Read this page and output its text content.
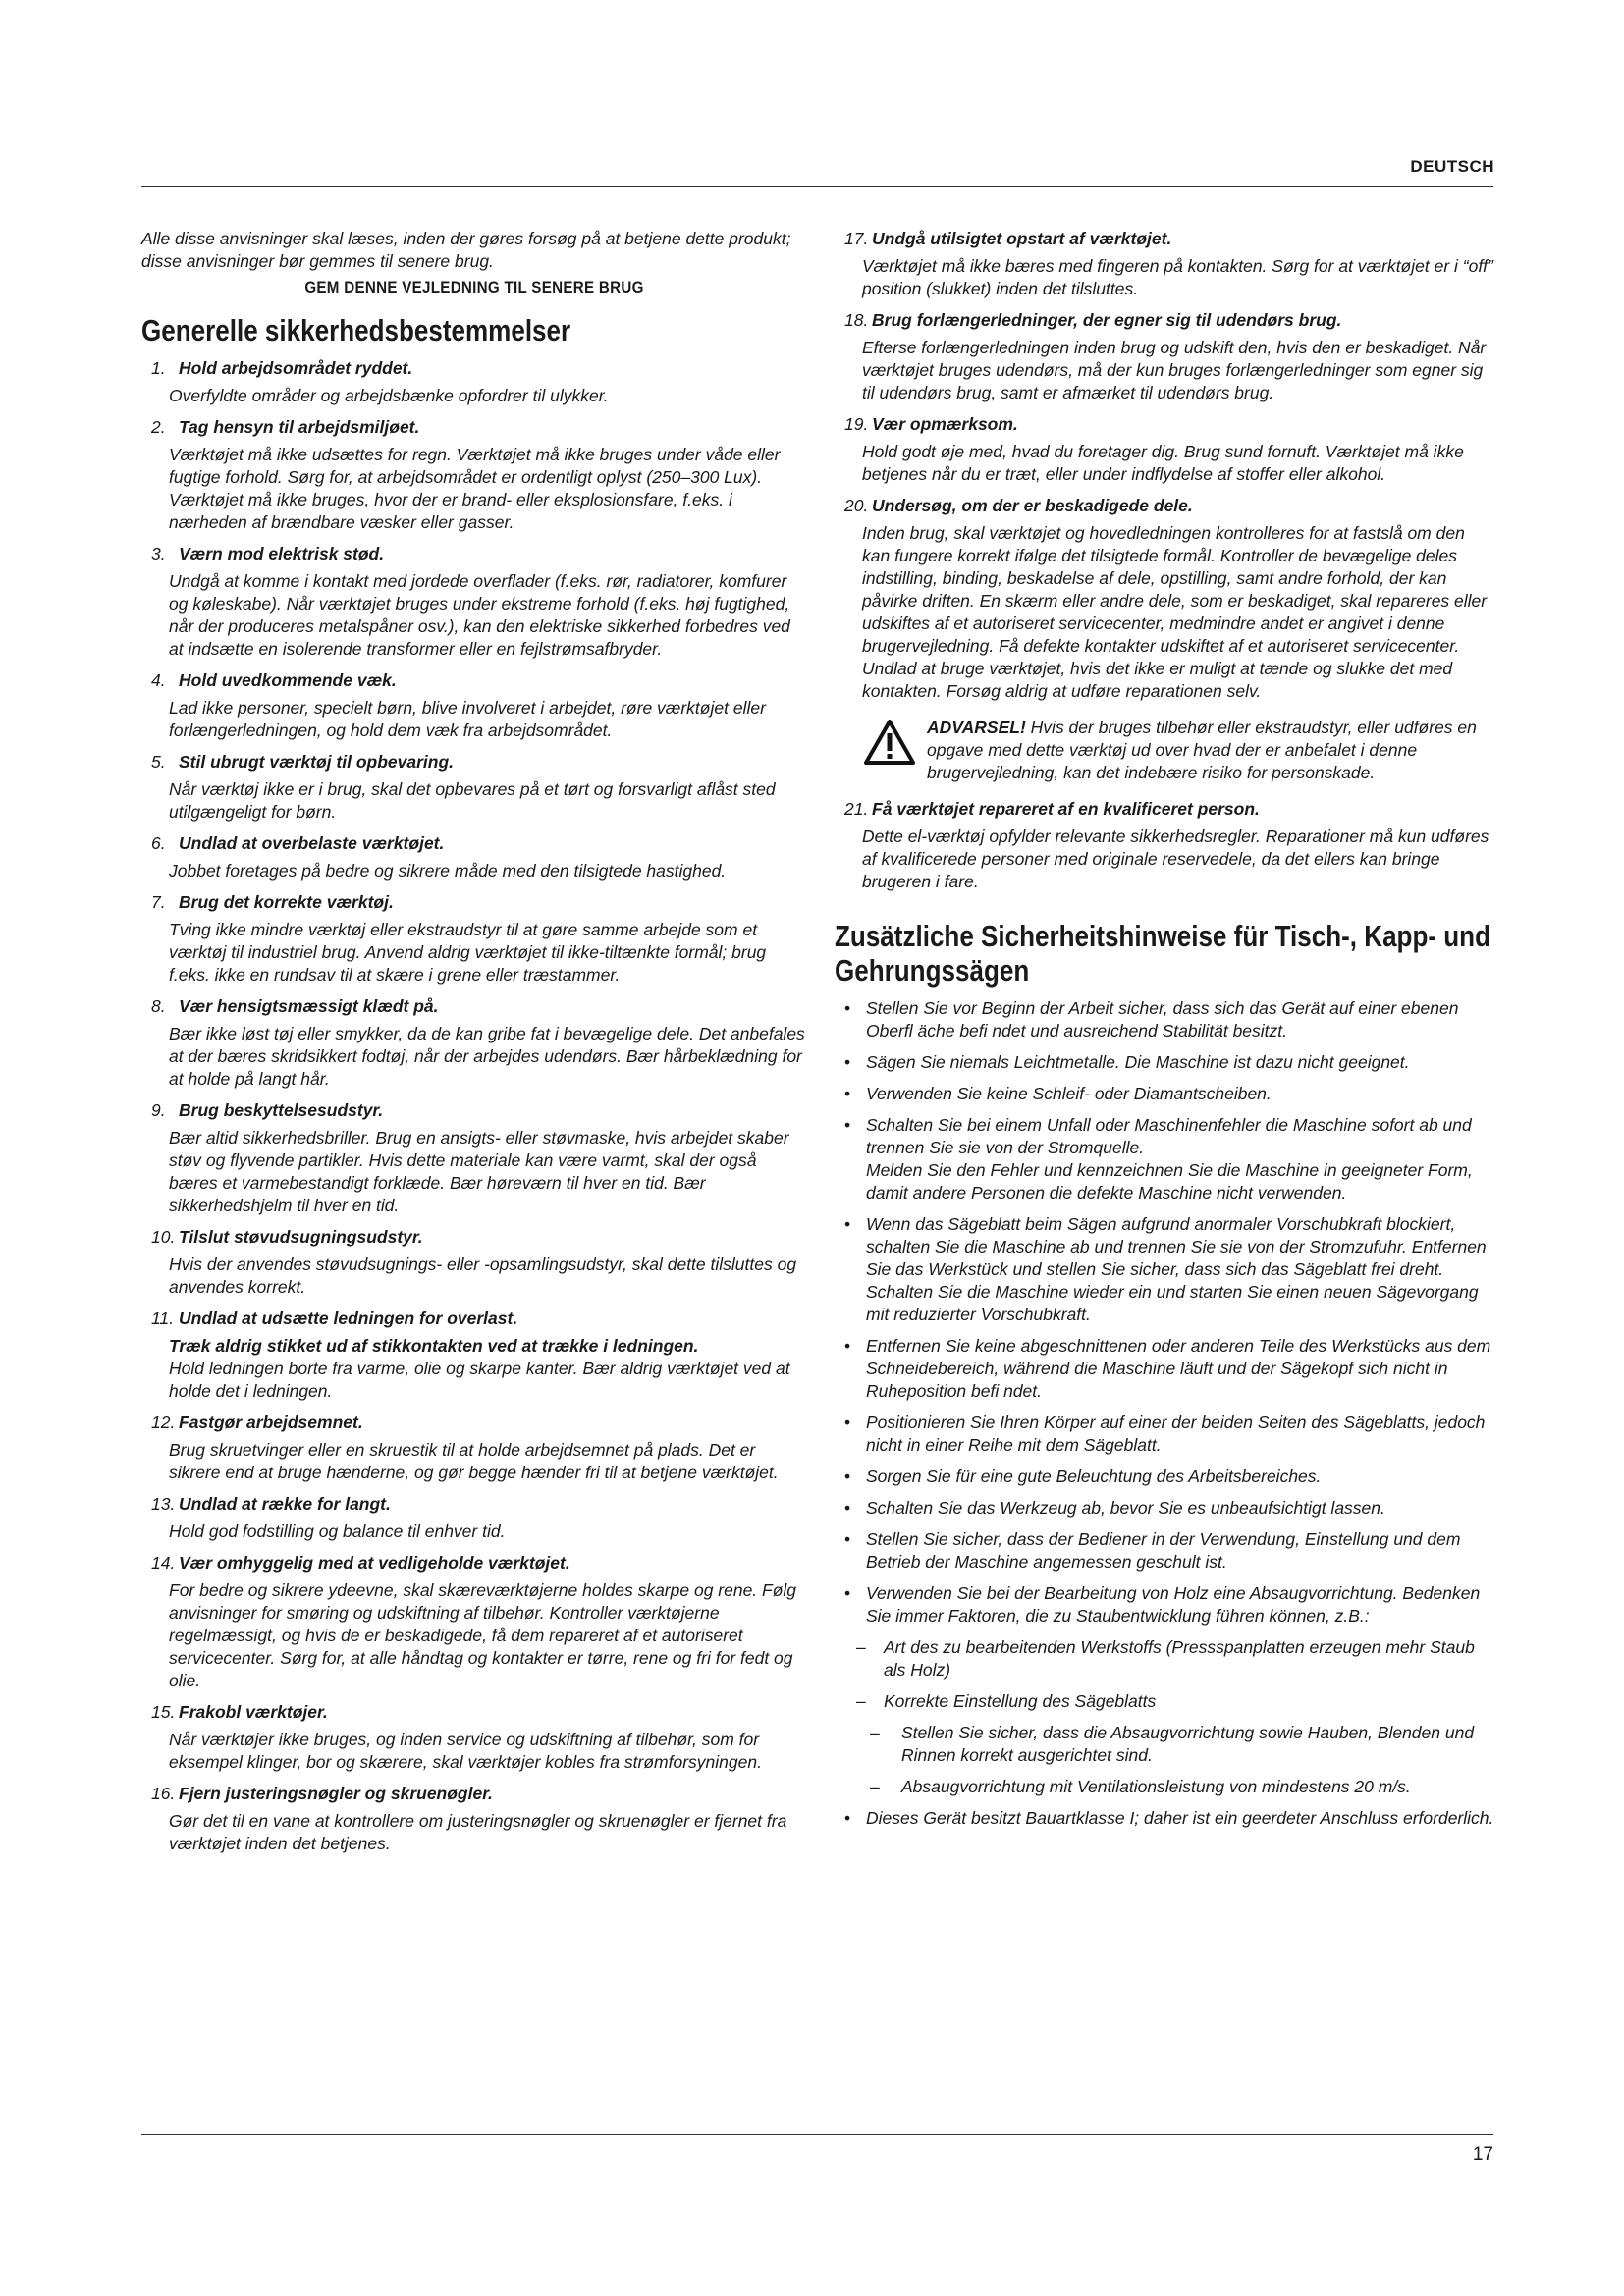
DEUTSCH

Alle disse anvisninger skal læses, inden der gøres forsøg på at betjene dette produkt; disse anvisninger bør gemmes til senere brug.

GEM DENNE VEJLEDNING TIL SENERE BRUG
Generelle sikkerhedsbestemmelser
1. Hold arbejdsområdet ryddet.
Overfyldte områder og arbejdsbænke opfordrer til ulykker.
2. Tag hensyn til arbejdsmiljøet.
Værktøjet må ikke udsættes for regn. Værktøjet må ikke bruges under våde eller fugtige forhold. Sørg for, at arbejdsområdet er ordentligt oplyst (250–300 Lux). Værktøjet må ikke bruges, hvor der er brand- eller eksplosionsfare, f.eks. i nærheden af brændbare væsker eller gasser.
3. Værn mod elektrisk stød.
Undgå at komme i kontakt med jordede overflader (f.eks. rør, radiatorer, komfurer og køleskabe). Når værktøjet bruges under ekstreme forhold (f.eks. høj fugtighed, når der produceres metalspåner osv.), kan den elektriske sikkerhed forbedres ved at indsætte en isolerende transformer eller en fejlstrømsafbryder.
4. Hold uvedkommende væk.
Lad ikke personer, specielt børn, blive involveret i arbejdet, røre værktøjet eller forlængerledningen, og hold dem væk fra arbejdsområdet.
5. Stil ubrugt værktøj til opbevaring.
Når værktøj ikke er i brug, skal det opbevares på et tørt og forsvarligt aflåst sted utilgængeligt for børn.
6. Undlad at overbelaste værktøjet.
Jobbet foretages på bedre og sikrere måde med den tilsigtede hastighed.
7. Brug det korrekte værktøj.
Tving ikke mindre værktøj eller ekstraudstyr til at gøre samme arbejde som et værktøj til industriel brug. Anvend aldrig værktøjet til ikke-tiltænkte formål; brug f.eks. ikke en rundsav til at skære i grene eller træstammer.
8. Vær hensigtsmæssigt klædt på.
Bær ikke løst tøj eller smykker, da de kan gribe fat i bevægelige dele. Det anbefales at der bæres skridsikkert fodtøj, når der arbejdes udendørs. Bær hårbeklædning for at holde på langt hår.
9. Brug beskyttelsesudstyr.
Bær altid sikkerhedsbriller. Brug en ansigts- eller støvmaske, hvis arbejdet skaber støv og flyvende partikler. Hvis dette materiale kan være varmt, skal der også bæres et varmebestandigt forklæde. Bær høreværn til hver en tid. Bær sikkerhedshjelm til hver en tid.
10. Tilslut støvudsugningsudstyr.
Hvis der anvendes støvudsugnings- eller -opsamlingsudstyr, skal dette tilsluttes og anvendes korrekt.
11. Undlad at udsætte ledningen for overlast.
Træk aldrig stikket ud af stikkontakten ved at trække i ledningen.
Hold ledningen borte fra varme, olie og skarpe kanter. Bær aldrig værktøjet ved at holde det i ledningen.
12. Fastgør arbejdsemnet.
Brug skruetvinger eller en skruestik til at holde arbejdsemnet på plads. Det er sikrere end at bruge hænderne, og gør begge hænder fri til at betjene værktøjet.
13. Undlad at række for langt.
Hold god fodstilling og balance til enhver tid.
14. Vær omhyggelig med at vedligeholde værktøjet.
For bedre og sikrere ydeevne, skal skæreværktøjerne holdes skarpe og rene. Følg anvisninger for smøring og udskiftning af tilbehør. Kontroller værktøjerne regelmæssigt, og hvis de er beskadigede, få dem repareret af et autoriseret servicecenter. Sørg for, at alle håndtag og kontakter er tørre, rene og fri for fedt og olie.
15. Frakobl værktøjer.
Når værktøjer ikke bruges, og inden service og udskiftning af tilbehør, som for eksempel klinger, bor og skærere, skal værktøjer kobles fra strømforsyningen.
16. Fjern justeringsnøgler og skruenøgler.
Gør det til en vane at kontrollere om justeringsnøgler og skruenøgler er fjernet fra værktøjet inden det betjenes.
17. Undgå utilsigtet opstart af værktøjet.
Værktøjet må ikke bæres med fingeren på kontakten. Sørg for at værktøjet er i “off” position (slukket) inden det tilsluttes.
18. Brug forlængerledninger, der egner sig til udendørs brug.
Efterse forlængerledningen inden brug og udskift den, hvis den er beskadiget. Når værktøjet bruges udendørs, må der kun bruges forlængerledninger som egner sig til udendørs brug, samt er afmærket til udendørs brug.
19. Vær opmærksom.
Hold godt øje med, hvad du foretager dig. Brug sund fornuft. Værktøjet må ikke betjenes når du er træt, eller under indflydelse af stoffer eller alkohol.
20. Undersøg, om der er beskadigede dele.
Inden brug, skal værktøjet og hovedledningen kontrolleres for at fastslå om den kan fungere korrekt ifølge det tilsigtede formål. Kontroller de bevægelige deles indstilling, binding, beskadelse af dele, opstilling, samt andre forhold, der kan påvirke driften. En skærm eller andre dele, som er beskadiget, skal repareres eller udskiftes af et autoriseret servicecenter, medmindre andet er angivet i denne brugervejledning. Få defekte kontakter udskiftet af et autoriseret servicecenter. Undlad at bruge værktøjet, hvis det ikke er muligt at tænde og slukke det med kontakten. Forsøg aldrig at udføre reparationen selv.
ADVARSEL! Hvis der bruges tilbehør eller ekstraudstyr, eller udføres en opgave med dette værktøj ud over hvad der er anbefalet i denne brugervejledning, kan det indebære risiko for personskade.
21. Få værktøjet repareret af en kvalificeret person.
Dette el-værktøj opfylder relevante sikkerhedsregler. Reparationer må kun udføres af kvalificerede personer med originale reservedele, da det ellers kan bringe brugeren i fare.
Zusätzliche Sicherheitshinweise für Tisch-, Kapp- und Gehrungssägen
• Stellen Sie vor Beginn der Arbeit sicher, dass sich das Gerät auf einer ebenen Oberfl äche befi ndet und ausreichend Stabilität besitzt.

• Sägen Sie niemals Leichtmetalle. Die Maschine ist dazu nicht geeignet.

• Verwenden Sie keine Schleif- oder Diamantscheiben.

• Schalten Sie bei einem Unfall oder Maschinenfehler die Maschine sofort ab und trennen Sie sie von der Stromquelle.

Melden Sie den Fehler und kennzeichnen Sie die Maschine in geeigneter Form, damit andere Personen die defekte Maschine nicht verwenden.

• Wenn das Sägeblatt beim Sägen aufgrund anormaler Vorschubkraft blockiert, schalten Sie die Maschine ab und trennen Sie sie von der Stromzufuhr. Entfernen Sie das Werkstück und stellen Sie sicher, dass sich das Sägeblatt frei dreht. Schalten Sie die Maschine wieder ein und starten Sie einen neuen Sägevorgang mit reduzierter Vorschubkraft.

• Entfernen Sie keine abgeschnittenen oder anderen Teile des Werkstücks aus dem Schneidebereich, während die Maschine läuft und der Sägekopf sich nicht in Ruheposition befi ndet.

• Positionieren Sie Ihren Körper auf einer der beiden Seiten des Sägeblatts, jedoch nicht in einer Reihe mit dem Sägeblatt.

• Sorgen Sie für eine gute Beleuchtung des Arbeitsbereiches.

• Schalten Sie das Werkzeug ab, bevor Sie es unbeaufsichtigt lassen.

• Stellen Sie sicher, dass der Bediener in der Verwendung, Einstellung und dem Betrieb der Maschine angemessen geschult ist.

• Verwenden Sie bei der Bearbeitung von Holz eine Absaugvorrichtung. Bedenken Sie immer Faktoren, die zu Staubentwicklung führen können, z.B.:

– Art des zu bearbeitenden Werkstoffs (Pressspanplatten erzeugen mehr Staub als Holz)

– Korrekte Einstellung des Sägeblatts

– Stellen Sie sicher, dass die Absaugvorrichtung sowie Hauben, Blenden und Rinnen korrekt ausgerichtet sind.

– Absaugvorrichtung mit Ventilationsleistung von mindestens 20 m/s.

• Dieses Gerät besitzt Bauartklasse I; daher ist ein geerdeter Anschluss erforderlich.

17
